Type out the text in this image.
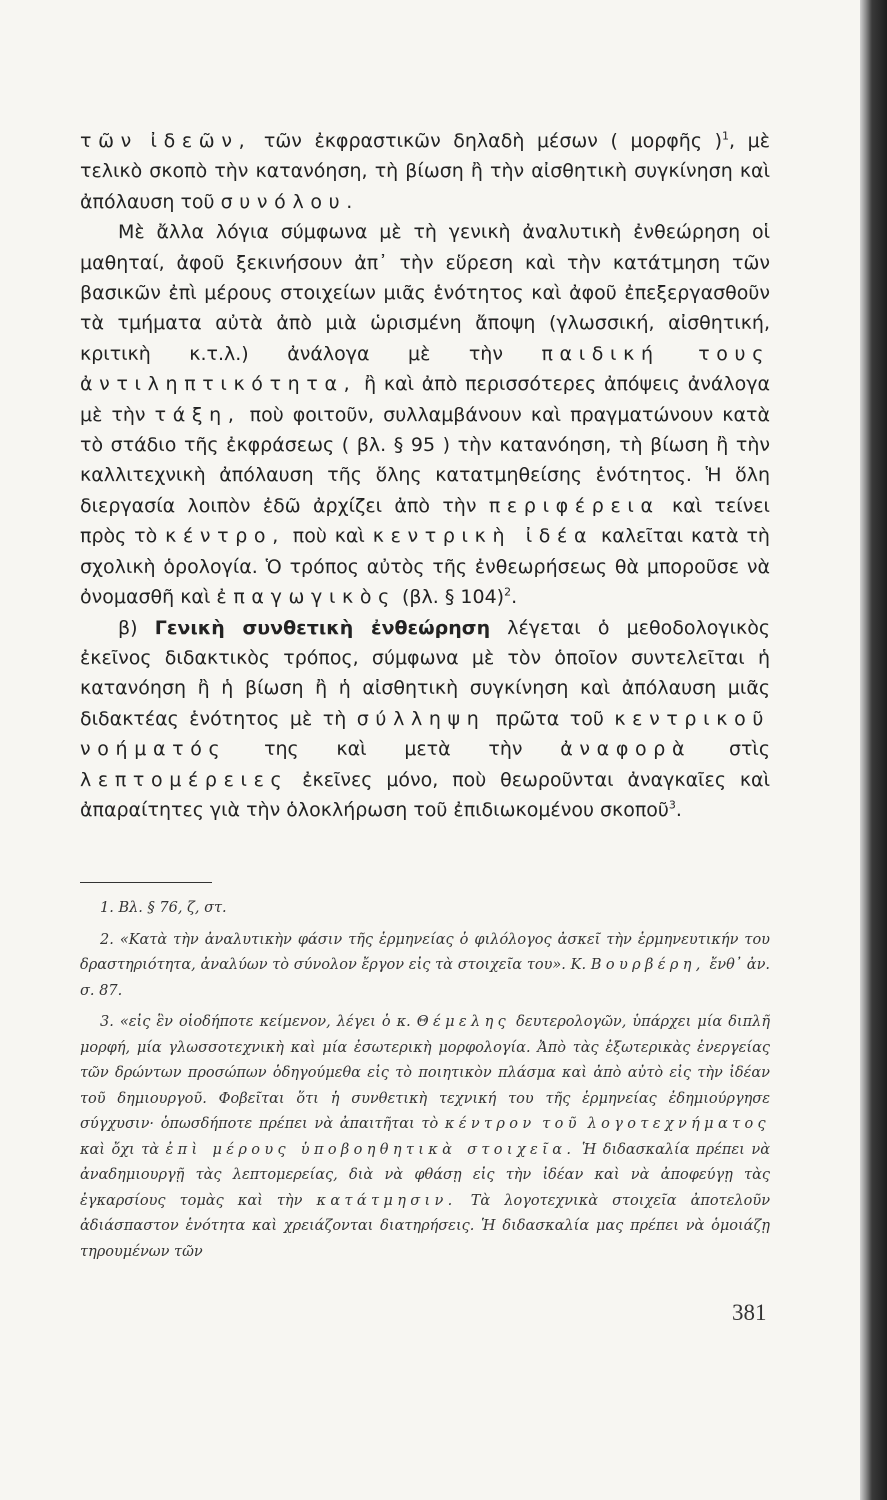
τῶν ἰδεῶν, τῶν ἐκφραστικῶν δηλαδὴ μέσων ( μορφῆς )$^1$, μὲ τελικὸ σκοπὸ τὴν κατανόηση, τὴ βίωση ἢ τὴν αἰσθητικὴ συγκίνηση καὶ ἀπόλαυση τοῦ συνόλου.

Μὲ ἄλλα λόγια σύμφωνα μὲ τὴ γενικὴ ἀναλυτικὴ ἐνθεώρηση οἱ μαθηταί, ἀφοῦ ξεκινήσουν ἀπ᾿ τὴν εὕρεση καὶ τὴν κατάτμηση τῶν βασικῶν ἐπὶ μέρους στοιχείων μιᾶς ἑνότητος καὶ ἀφοῦ ἐπεξεργασθοῦν τὰ τμήματα αὐτὰ ἀπὸ μιὰ ὡρισμένη ἄποψη (γλωσσική, αἰσθητική, κριτικὴ κ.τ.λ.) ἀνάλογα μὲ τὴν παιδική τους ἀντιληπτικότητα, ἢ καὶ ἀπὸ περισσότερες ἀπόψεις ἀνάλογα μὲ τὴν τάξη, ποὺ φοιτοῦν, συλλαμβάνουν καὶ πραγματώνουν κατὰ τὸ στάδιο τῆς ἐκφράσεως ( βλ. § 95 ) τὴν κατανόηση, τὴ βίωση ἢ τὴν καλλιτεχνικὴ ἀπόλαυση τῆς ὅλης κατατμηθείσης ἑνότητος. Ἡ ὅλη διεργασία λοιπὸν ἐδῶ ἀρχίζει ἀπὸ τὴν περιφέρεια καὶ τείνει πρὸς τὸ κέντρο, ποὺ καὶ κεντρικὴ ἰδέα καλεῖται κατὰ τὴ σχολικὴ ὁρολογία. Ὁ τρόπος αὐτὸς τῆς ἐνθεωρήσεως θὰ μποροῦσε νὰ ὀνομασθῆ καὶ ἐπαγωγικὸς (βλ. § 104)$^2$.

β) Γενικὴ συνθετικὴ ἐνθεώρηση λέγεται ὁ μεθοδολογικὸς ἐκεῖνος διδακτικὸς τρόπος, σύμφωνα μὲ τὸν ὁποῖον συντελεῖται ἡ κατανόηση ἢ ἡ βίωση ἢ ἡ αἰσθητικὴ συγκίνηση καὶ ἀπόλαυση μιᾶς διδακτέας ἑνότητος μὲ τὴ σύλληψη πρῶτα τοῦ κεντρικοῦ νοήματός της καὶ μετὰ τὴν ἀναφορὰ στὶς λεπτομέρειες ἐκεῖνες μόνο, ποὺ θεωροῦνται ἀναγκαῖες καὶ ἀπαραίτητες γιὰ τὴν ὁλοκλήρωση τοῦ ἐπιδιωκομένου σκοποῦ$^3$.

1. Βλ. § 76, ζ, στ.

2. «Κατὰ τὴν ἀναλυτικὴν φάσιν τῆς ἑρμηνείας ὁ φιλόλογος ἀσκεῖ τὴν ἑρμηνευτικήν του δραστηριότητα, ἀναλύων τὸ σύνολον ἔργον εἰς τὰ στοιχεῖα του». Κ. Βουρβέρη, ἔνθ᾿ ἀν. σ. 87.

3. «εἰς ἓν οἱοδήποτε κείμενον, λέγει ὁ κ. Θέμελης δευτερολογῶν, ὑπάρχει μία διπλῆ μορφή, μία γλωσσοτεχνικὴ καὶ μία ἐσωτερικὴ μορφολογία. Ἀπὸ τὰς ἐξωτερικὰς ἐνεργείας τῶν δρώντων προσώπων ὁδηγούμεθα εἰς τὸ ποιητικὸν πλάσμα καὶ ἀπὸ αὐτὸ εἰς τὴν ἰδέαν τοῦ δημιουργοῦ. Φοβεῖται ὅτι ἡ συνθετικὴ τεχνική του τῆς ἑρμηνείας ἐδημιούργησε σύγχυσιν· ὁπωσδήποτε πρέπει νὰ ἀπαιτῆται τὸ κέντρον τοῦ λογοτεχνήματος καὶ ὄχι τὰ ἐπὶ μέρους ὑποβοηθητικὰ στοιχεῖα. Ἡ διδασκαλία πρέπει νὰ ἀναδημιουργῇ τὰς λεπτομερείας, διὰ νὰ φθάσῃ εἰς τὴν ἰδέαν καὶ νὰ ἀποφεύγῃ τὰς ἐγκαρσίους τομὰς καὶ τὴν κατάτμησιν. Τὰ λογοτεχνικὰ στοιχεῖα ἀποτελοῦν ἀδιάσπαστον ἑνότητα καὶ χρειάζονται διατηρήσεις. Ἡ διδασκαλία μας πρέπει νὰ ὁμοιάζῃ τηρουμένων τῶν

381
